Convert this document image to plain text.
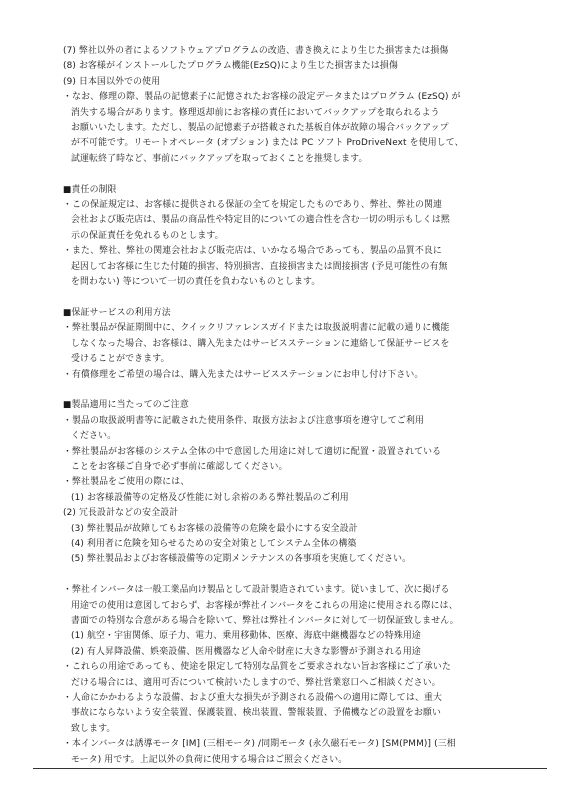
(7) 弊社以外の者によるソフトウェアプログラムの改造、書き換えにより生じた損害または損傷
(8) お客様がインストールしたプログラム機能(EzSQ)により生じた損害または損傷
(9) 日本国以外での使用
・なお、修理の際、製品の記憶素子に記憶されたお客様の設定データまたはプログラム (EzSQ) が
消失する場合があります。修理返却前にお客様の責任においてバックアップを取られるよう
お願いいたします。ただし、製品の記憶素子が搭載された基板自体が故障の場合バックアップ
が不可能です。リモートオペレータ (オプション) または PC ソフト ProDriveNext を使用して、
試運転終了時など、事前にバックアップを取っておくことを推奨します。
■責任の制限
・この保証規定は、お客様に提供される保証の全てを規定したものであり、弊社、弊社の関連
会社および販売店は、製品の商品性や特定目的についての適合性を含む一切の明示もしくは黙
示の保証責任を免れるものとします。
・また、弊社、弊社の関連会社および販売店は、いかなる場合であっても、製品の品質不良に
起因してお客様に生じた付随的損害、特別損害、直接損害または間接損害 (予見可能性の有無
を問わない) 等について一切の責任を負わないものとします。
■保証サービスの利用方法
・弊社製品が保証期間中に、クイックリファレンスガイドまたは取扱説明書に記載の通りに機能
しなくなった場合、お客様は、購入先またはサービスステーションに連絡して保証サービスを
受けることができます。
・有償修理をご希望の場合は、購入先またはサービスステーションにお申し付け下さい。
■製品適用に当たってのご注意
・製品の取扱説明書等に記載された使用条件、取扱方法および注意事項を遵守してご利用
ください。
・弊社製品がお客様のシステム全体の中で意図した用途に対して適切に配置・設置されている
ことをお客様ご自身で必ず事前に確認してください。
・弊社製品をご使用の際には、
(1) お客様設備等の定格及び性能に対し余裕のある弊社製品のご利用
(2) 冗長設計などの安全設計
(3) 弊社製品が故障してもお客様の設備等の危険を最小にする安全設計
(4) 利用者に危険を知らせるための安全対策としてシステム全体の構築
(5) 弊社製品およびお客様設備等の定期メンテナンスの各事項を実施してください。
・弊社インバータは一般工業品向け製品として設計製造されています。従いまして、次に掲げる
用途での使用は意図しておらず、お客様が弊社インバータをこれらの用途に使用される際には、
書面での特別な合意がある場合を除いて、弊社は弊社インバータに対して一切保証致しません。
(1) 航空・宇宙関係、原子力、電力、乗用移動体、医療、海底中継機器などの特殊用途
(2) 有人昇降設備、娯楽設備、医用機器など人命や財産に大きな影響が予測される用途
・これらの用途であっても、使途を限定して特別な品質をご要求されない旨お客様にご了承いた
だける場合には、適用可否について検討いたしますので、弊社営業窓口へご相談ください。
・人命にかかわるような設備、および重大な損失が予測される設備への適用に際しては、重大
事故にならないよう安全装置、保護装置、検出装置、警報装置、予備機などの設置をお願い
致します。
・本インバータは誘導モータ [IM] (三相モータ) /同期モータ (永久磁石モータ) [SM(PMM)] (三相
モータ) 用です。上記以外の負荷に使用する場合はご照会ください。
